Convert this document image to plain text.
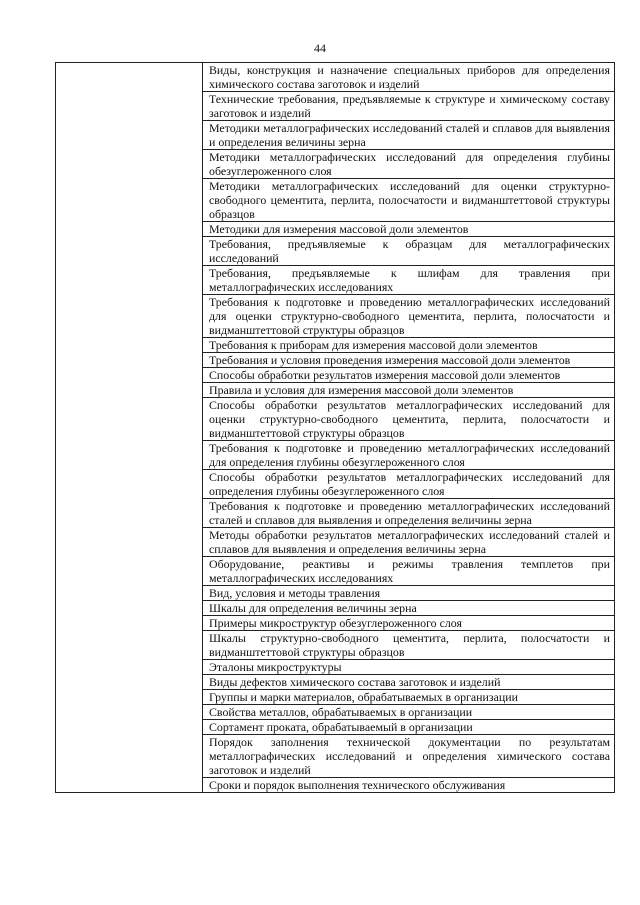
44
	Виды, конструкция и назначение специальных приборов для определения химического состава заготовок и изделий
Технические требования, предъявляемые к структуре и химическому составу заготовок и изделий
Методики металлографических исследований сталей и сплавов для выявления и определения величины зерна
Методики металлографических исследований для определения глубины обезуглероженного слоя
Методики металлографических исследований для оценки структурно-свободного цементита, перлита, полосчатости и видманштеттовой структуры образцов
Методики для измерения массовой доли элементов
Требования, предъявляемые к образцам для металлографических исследований
Требования, предъявляемые к шлифам для травления при металлографических исследованиях
Требования к подготовке и проведению металлографических исследований для оценки структурно-свободного цементита, перлита, полосчатости и видманштеттовой структуры образцов
Требования к приборам для измерения массовой доли элементов
Требования и условия проведения измерения массовой доли элементов
Способы обработки результатов измерения массовой доли элементов
Правила и условия для измерения массовой доли элементов
Способы обработки результатов металлографических исследований для оценки структурно-свободного цементита, перлита, полосчатости и видманштеттовой структуры образцов
Требования к подготовке и проведению металлографических исследований для определения глубины обезуглероженного слоя
Способы обработки результатов металлографических исследований для определения глубины обезуглероженного слоя
Требования к подготовке и проведению металлографических исследований сталей и сплавов для выявления и определения величины зерна
Методы обработки результатов металлографических исследований сталей и сплавов для выявления и определения величины зерна
Оборудование, реактивы и режимы травления темплетов при металлографических исследованиях
Вид, условия и методы травления
Шкалы для определения величины зерна
Примеры микроструктур обезуглероженного слоя
Шкалы структурно-свободного цементита, перлита, полосчатости и видманштеттовой структуры образцов
Эталоны микроструктуры
Виды дефектов химического состава заготовок и изделий
Группы и марки материалов, обрабатываемых в организации
Свойства металлов, обрабатываемых в организации
Сортамент проката, обрабатываемый в организации
Порядок заполнения технической документации по результатам металлографических исследований и определения химического состава заготовок и изделий
Сроки и порядок выполнения технического обслуживания
